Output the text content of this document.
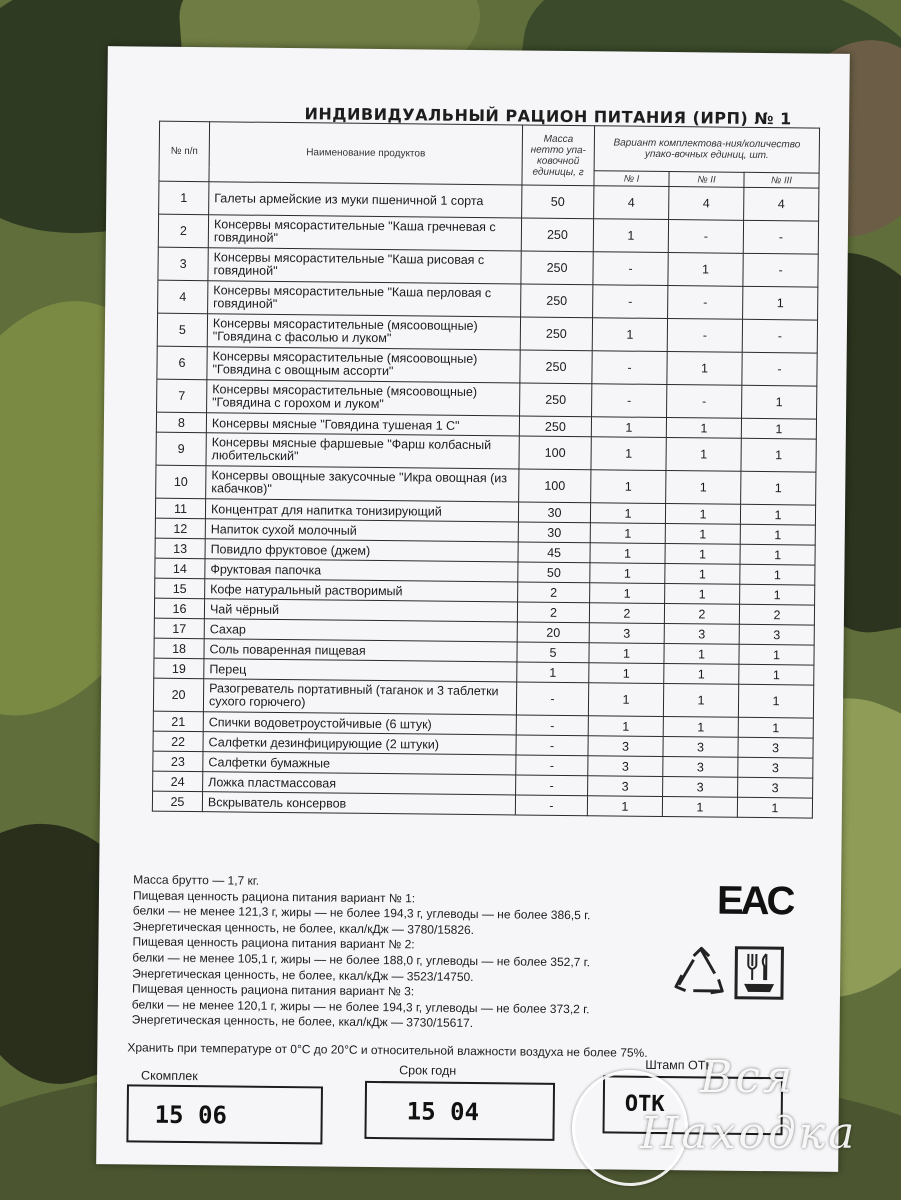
ИНДИВИДУАЛЬНЫЙ РАЦИОН ПИТАНИЯ (ИРП) № 1
№ п/п	Наименование продуктов	Масса нетто упа-ковочной единицы, г	Вариант комплектова-ния/количество упако-вочных единиц, шт.		
			№ I	№ II	№ III
1	Галеты армейские из муки пшеничной 1 сорта	50	4	4	4
2	Консервы мясорастительные "Каша гречневая с говядиной"	250	1	-	-
3	Консервы мясорастительные "Каша рисовая с говядиной"	250	-	1	-
4	Консервы мясорастительные "Каша перловая с говядиной"	250	-	-	1
5	Консервы мясорастительные (мясоовощные) "Говядина с фасолью и луком"	250	1	-	-
6	Консервы мясорастительные (мясоовощные) "Говядина с овощным ассорти"	250	-	1	-
7	Консервы мясорастительные (мясоовощные) "Говядина с горохом и луком"	250	-	-	1
8	Консервы мясные "Говядина тушеная 1 С"	250	1	1	1
9	Консервы мясные фаршевые "Фарш колбасный любительский"	100	1	1	1
10	Консервы овощные закусочные "Икра овощная (из кабачков)"	100	1	1	1
11	Концентрат для напитка тонизирующий	30	1	1	1
12	Напиток сухой молочный	30	1	1	1
13	Повидло фруктовое (джем)	45	1	1	1
14	Фруктовая папочка	50	1	1	1
15	Кофе натуральный растворимый	2	1	1	1
16	Чай чёрный	2	2	2	2
17	Сахар	20	3	3	3
18	Соль поваренная пищевая	5	1	1	1
19	Перец	1	1	1	1
20	Разогреватель портативный (таганок и 3 таблетки сухого горючего)	-	1	1	1
21	Спички водоветроустойчивые (6 штук)	-	1	1	1
22	Салфетки дезинфицирующие (2 штуки)	-	3	3	3
23	Салфетки бумажные	-	3	3	3
24	Ложка пластмассовая	-	3	3	3
25	Вскрыватель консервов	-	1	1	1
Масса брутто — 1,7 кг.
Пищевая ценность рациона питания вариант № 1:
белки — не менее 121,3 г, жиры — не более 194,3 г, углеводы — не более 386,5 г.
Энергетическая ценность, не более, ккал/кДж — 3780/15826.
Пищевая ценность рациона питания вариант № 2:
белки — не менее 105,1 г, жиры — не более 188,0 г, углеводы — не более 352,7 г.
Энергетическая ценность, не более, ккал/кДж — 3523/14750.
Пищевая ценность рациона питания вариант № 3:
белки — не менее 120,1 г, жиры — не более 194,3 г, углеводы — не более 373,2 г.
Энергетическая ценность, не более, ккал/кДж — 3730/15617.
EAC
Хранить при температуре от 0°C до 20°C и относительной влажности воздуха не более 75%.
Скомплек
15 06
Срок годн
15 04
Штамп ОТК
ОТК
Вся
Находка
